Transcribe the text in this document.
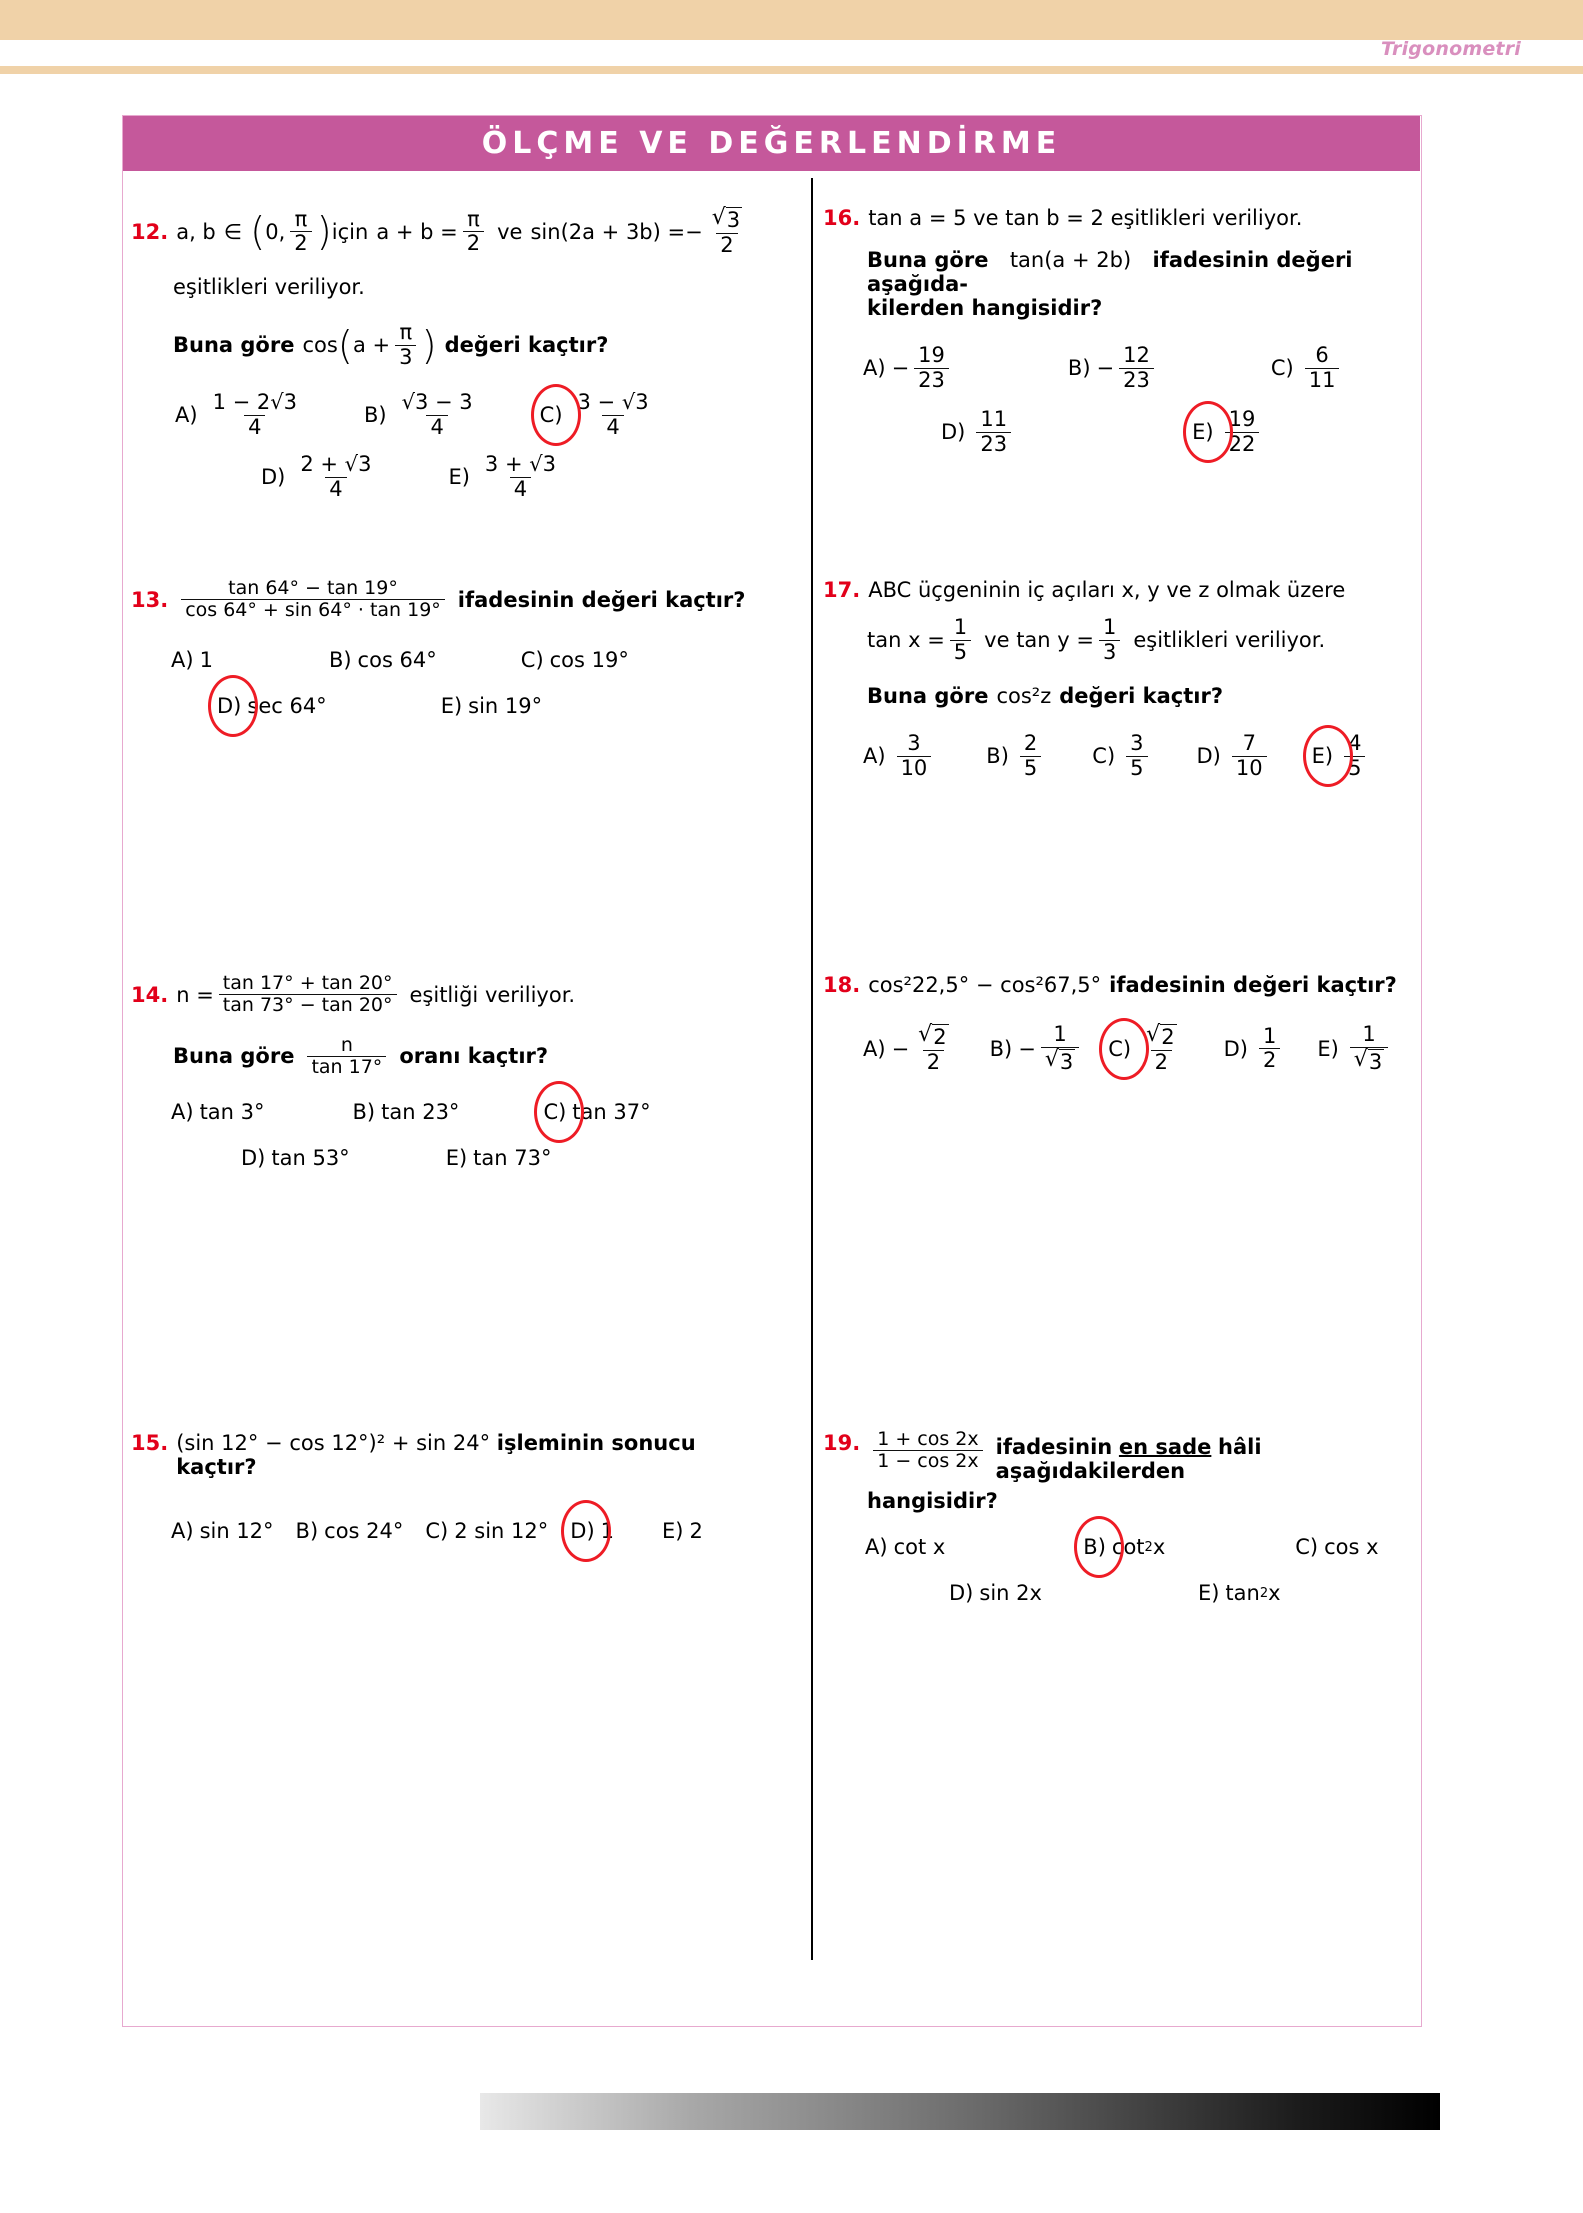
Trigonometri
ÖLÇME VE DEĞERLENDİRME
12. a, b ∈ ( 0, $\frac{\pi}{2}$ ) için $a + b = \frac{\pi}{2}$ ve sin(2a + 3b) = − $\frac{√ 3}{2}$
eşitlikleri veriliyor.
Buna göre cos ( $a + \frac{\pi}{3}$ ) değeri kaçtır?
$A) \frac{1 - 2√3}{4}$	$B) \frac{√3 - 3}{4}$	$C) \frac{3 - √3}{4}$
$D) \frac{2 + √3}{4}$	$E) \frac{3 + √3}{4}$
13. $\frac{\tan 64^\circ - \tan 19^\circ}{\cos 64^\circ + \sin 64^\circ \cdot \tan 19^\circ}$ ifadesinin değeri kaçtır?
A) 1	B) cos 64°	C) cos 19°
D) sec 64°	E) sin 19°
14. $n = \frac{\tan 17^\circ + \tan 20^\circ}{\tan 73^\circ - \tan 20^\circ}$ eşitliği veriliyor.
Buna göre $\frac{n}{\tan 17^\circ}$ oranı kaçtır?
A) tan 3°	B) tan 23°	C) tan 37°
D) tan 53°	E) tan 73°
15. (sin 12° − cos 12°)² + sin 24° işleminin sonucu
kaçtır?
A) sin 12° B) cos 24° C) 2 sin 12° D) 1 E) 2
16. tan a = 5 ve tan b = 2 eşitlikleri veriliyor.
Buna göre tan(a + 2b) ifadesinin değeri aşağıda-
kilerden hangisidir?
$A) - \frac{19}{23}$	$B) - \frac{12}{23}$	$C) \frac{6}{11}$
$D) \frac{11}{23}$	$E) \frac{19}{22}$
17. ABC üçgeninin iç açıları x, y ve z olmak üzere
$\tan x = \frac{1}{5}$ ve $\tan y = \frac{1}{3}$ eşitlikleri veriliyor.
Buna göre cos²z değeri kaçtır?
$A) \frac{3}{10}$	$B) \frac{2}{5} C) \frac{3}{5} D) \frac{7}{10} E) \frac{4}{5}$
18. cos²22,5° − cos²67,5° ifadesinin değeri kaçtır?
$A) - \frac{√ 2}{2} B) - \frac{1}{√ 3} C) \frac{√ 2}{2} D) \frac{1}{2} E) \frac{1}{√ 3}$
19. $\frac{1 + \cos 2x}{1 - \cos 2x}$ ifadesinin en sade hâli aşağıdakilerden
hangisidir?
A) cot x	B) cot 2 x	C) cos x
D) sin 2x	E) tan 2 x
161
